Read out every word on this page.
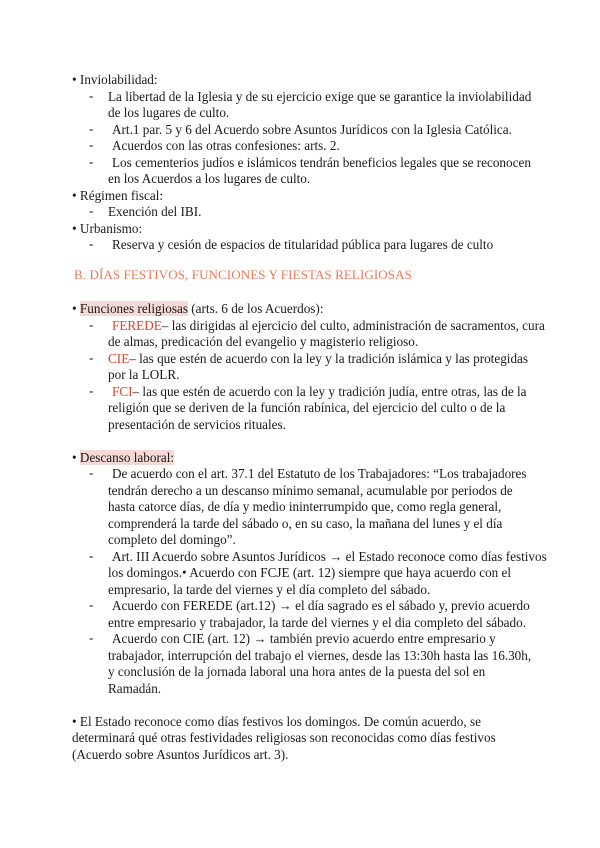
• Inviolabilidad:
- La libertad de la Iglesia y de su ejercicio exige que se garantice la inviolabilidad
de los lugares de culto.
- Art.1 par. 5 y 6 del Acuerdo sobre Asuntos Jurídicos con la Iglesia Católica.
- Acuerdos con las otras confesiones: arts. 2.
- Los cementerios judíos e islámicos tendrán beneficios legales que se reconocen
en los Acuerdos a los lugares de culto.
• Régimen fiscal:
- Exención del IBI.
• Urbanismo:
- Reserva y cesión de espacios de titularidad pública para lugares de culto
B. DÍAS FESTIVOS, FUNCIONES Y FIESTAS RELIGIOSAS
• Funciones religiosas (arts. 6 de los Acuerdos):
- FEREDE– las dirigidas al ejercicio del culto, administración de sacramentos, cura
de almas, predicación del evangelio y magisterio religioso.
- CIE– las que estén de acuerdo con la ley y la tradición islámica y las protegidas
por la LOLR.
- FCI– las que estén de acuerdo con la ley y tradición judía, entre otras, las de la
religión que se deriven de la función rabínica, del ejercicio del culto o de la
presentación de servicios rituales.
• Descanso laboral:
- De acuerdo con el art. 37.1 del Estatuto de los Trabajadores: “Los trabajadores
tendrán derecho a un descanso mínimo semanal, acumulable por periodos de
hasta catorce días, de día y medio ininterrumpido que, como regla general,
comprenderá la tarde del sábado o, en su caso, la mañana del lunes y el día
completo del domingo”.
- Art. III Acuerdo sobre Asuntos Jurídicos → el Estado reconoce como días festivos
los domingos.• Acuerdo con FCJE (art. 12) siempre que haya acuerdo con el
empresario, la tarde del viernes y el día completo del sábado.
- Acuerdo con FEREDE (art.12) → el día sagrado es el sábado y, previo acuerdo
entre empresario y trabajador, la tarde del viernes y el dia completo del sábado.
- Acuerdo con CIE (art. 12) → también previo acuerdo entre empresario y
trabajador, interrupción del trabajo el viernes, desde las 13:30h hasta las 16.30h,
y conclusión de la jornada laboral una hora antes de la puesta del sol en
Ramadán.
• El Estado reconoce como días festivos los domingos. De común acuerdo, se
determinará qué otras festividades religiosas son reconocidas como días festivos
(Acuerdo sobre Asuntos Jurídicos art. 3).
